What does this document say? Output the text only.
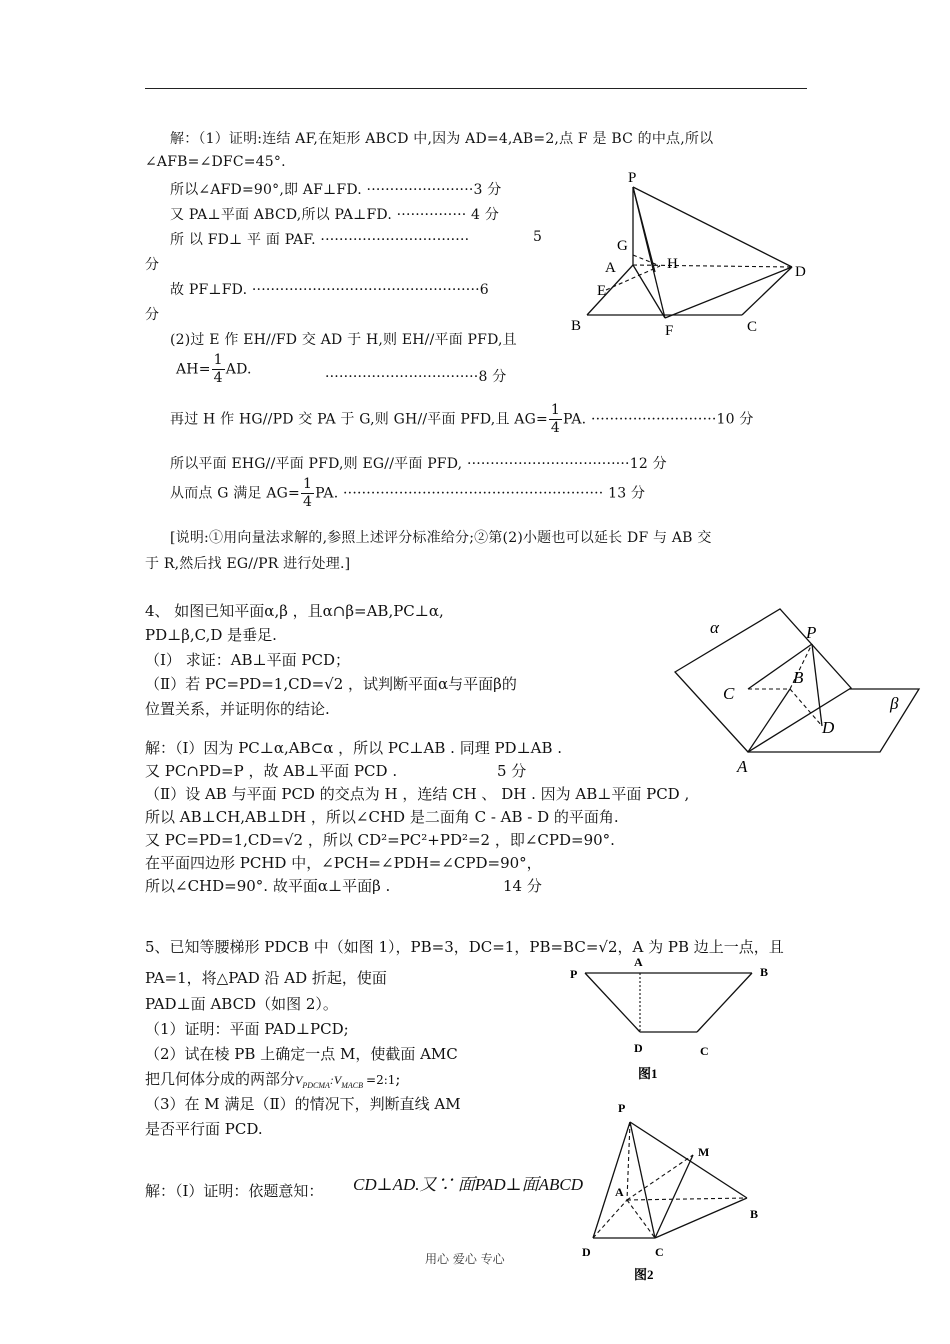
解：（1）证明:连结 AF,在矩形 ABCD 中,因为 AD=4,AB=2,点 F 是 BC 的中点,所以
∠AFB=∠DFC=45°.
所以∠AFD=90°,即 AF⊥FD. ·······················3 分
又 PA⊥平面 ABCD,所以 PA⊥FD. ··············· 4 分
所 以 FD⊥ 平 面 PAF. ································	5
分
故 PF⊥FD. ·················································6
分
(2)过 E 作 EH//FD 交 AD 于 H,则 EH//平面 PFD,且
$AH= \frac{1}{4}$ AD.	·································8 分
再过 H 作 HG//PD 交 PA 于 G,则 GH//平面 PFD,且 $AG= \frac{1}{4}$ PA. ···························10 分
所以平面 EHG//平面 PFD,则 EG//平面 PFD, ···································12 分
从而点 G 满足 $AG= \frac{1}{4}$ PA. ························································ 13 分
[说明:①用向量法求解的,参照上述评分标准给分;②第(2)小题也可以延长 DF 与 AB 交
于 R,然后找 EG//PR 进行处理.]
P
G
A	H	D
E
B	F	C
4、 如图已知平面α,β ，且α∩β=AB,PC⊥α,
PD⊥β,C,D 是垂足.
（Ⅰ） 求证：AB⊥平面 PCD；
（Ⅱ）若 PC=PD=1,CD=√2 ，试判断平面α与平面β的
位置关系，并证明你的结论.
解：（Ⅰ）因为 PC⊥α,AB⊂α ，所以 PC⊥AB . 同理 PD⊥AB .
又 PC∩PD=P ，故 AB⊥平面 PCD .	5 分
（Ⅱ）设 AB 与平面 PCD 的交点为 H ，连结 CH 、 DH . 因为 AB⊥平面 PCD ,
所以 AB⊥CH,AB⊥DH ，所以∠CHD 是二面角 C - AB - D 的平面角.
又 PC=PD=1,CD=√2 ，所以 CD²=PC²+PD²=2 ，即∠CPD=90°.
在平面四边形 PCHD 中，∠PCH=∠PDH=∠CPD=90°，
所以∠CHD=90°. 故平面α⊥平面β .	14 分
α	P
B
C
β
D
A
5、已知等腰梯形 PDCB 中（如图 1），PB=3，DC=1，PB=BC=√2，A 为 PB 边上一点，且
PA=1，将△PAD 沿 AD 折起，使面
PAD⊥面 ABCD（如图 2）。
（1）证明：平面 PAD⊥PCD;
（2）试在棱 PB 上确定一点 M，使截面 AMC
把几何体分成的两部分$V_{PDCMA}:V_{MACB}$ =2:1;
（3）在 M 满足（Ⅱ）的情况下，判断直线 AM
是否平行面 PCD.
解：（I）证明：依题意知： CD⊥AD.又∵ 面PAD⊥面ABCD
P
A
B
D	C
图1
P
M
A
B
D	C
图2
用心 爱心 专心
